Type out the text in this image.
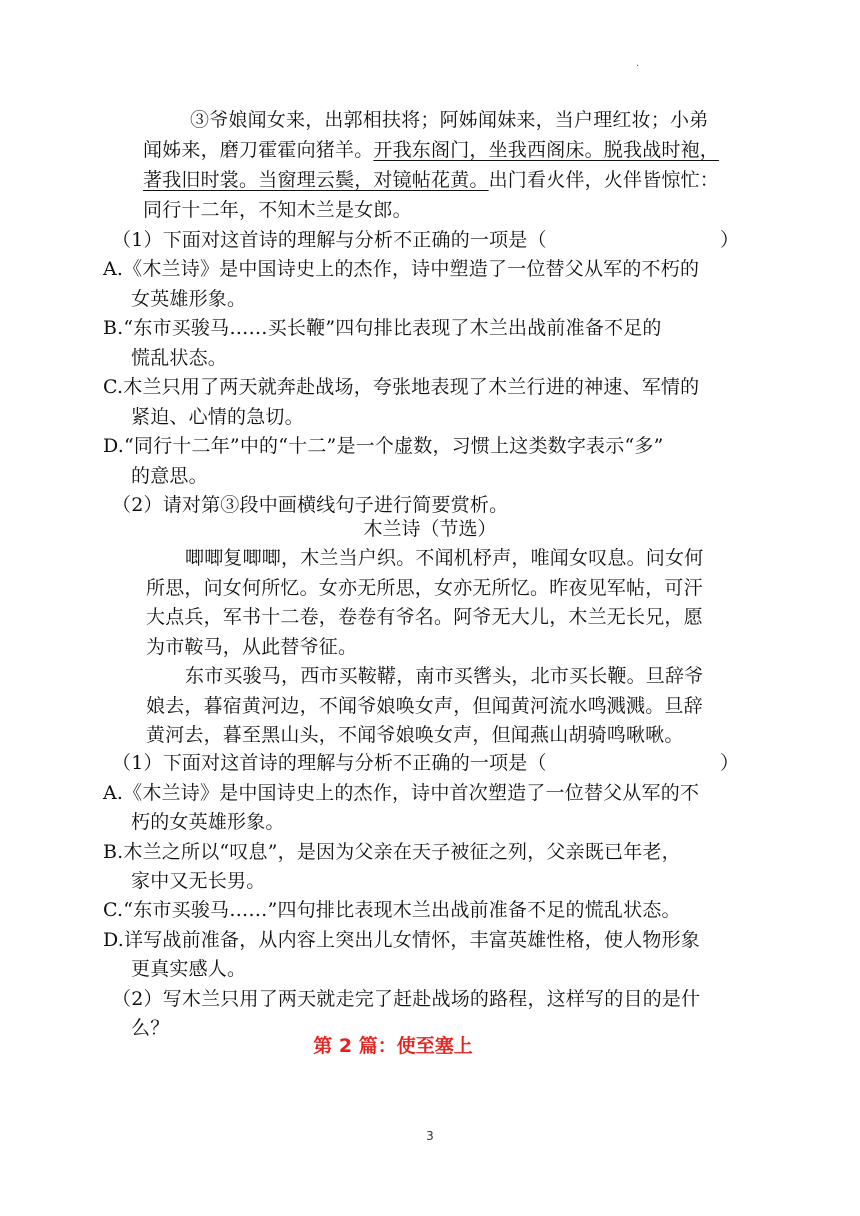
.
③爷娘闻女来，出郭相扶将；阿姊闻妹来，当户理红妆；小弟
闻姊来，磨刀霍霍向猪羊。开我东阁门，坐我西阁床。脱我战时袍，
著我旧时裳。当窗理云鬓，对镜帖花黄。出门看火伴，火伴皆惊忙：
同行十二年，不知木兰是女郎。
（1）下面对这首诗的理解与分析不正确的一项是（	）
A.《木兰诗》是中国诗史上的杰作，诗中塑造了一位替父从军的不朽的
女英雄形象。
B.“东市买骏马……买长鞭”四句排比表现了木兰出战前准备不足的
慌乱状态。
C.木兰只用了两天就奔赴战场，夸张地表现了木兰行进的神速、军情的
紧迫、心情的急切。
D.“同行十二年”中的“十二”是一个虚数，习惯上这类数字表示“多”
的意思。
（2）请对第③段中画横线句子进行简要赏析。
木兰诗（节选）
唧唧复唧唧，木兰当户织。不闻机杼声，唯闻女叹息。问女何
所思，问女何所忆。女亦无所思，女亦无所忆。昨夜见军帖，可汗
大点兵，军书十二卷，卷卷有爷名。阿爷无大儿，木兰无长兄，愿
为市鞍马，从此替爷征。
东市买骏马，西市买鞍鞯，南市买辔头，北市买长鞭。旦辞爷
娘去，暮宿黄河边，不闻爷娘唤女声，但闻黄河流水鸣溅溅。旦辞
黄河去，暮至黑山头，不闻爷娘唤女声，但闻燕山胡骑鸣啾啾。
（1）下面对这首诗的理解与分析不正确的一项是（	）
A.《木兰诗》是中国诗史上的杰作，诗中首次塑造了一位替父从军的不
朽的女英雄形象。
B.木兰之所以“叹息”，是因为父亲在天子被征之列，父亲既已年老，
家中又无长男。
C.“东市买骏马……”四句排比表现木兰出战前准备不足的慌乱状态。
D.详写战前准备，从内容上突出儿女情怀，丰富英雄性格，使人物形象
更真实感人。
（2）写木兰只用了两天就走完了赶赴战场的路程，这样写的目的是什
么？
第 2 篇：使至塞上
3
